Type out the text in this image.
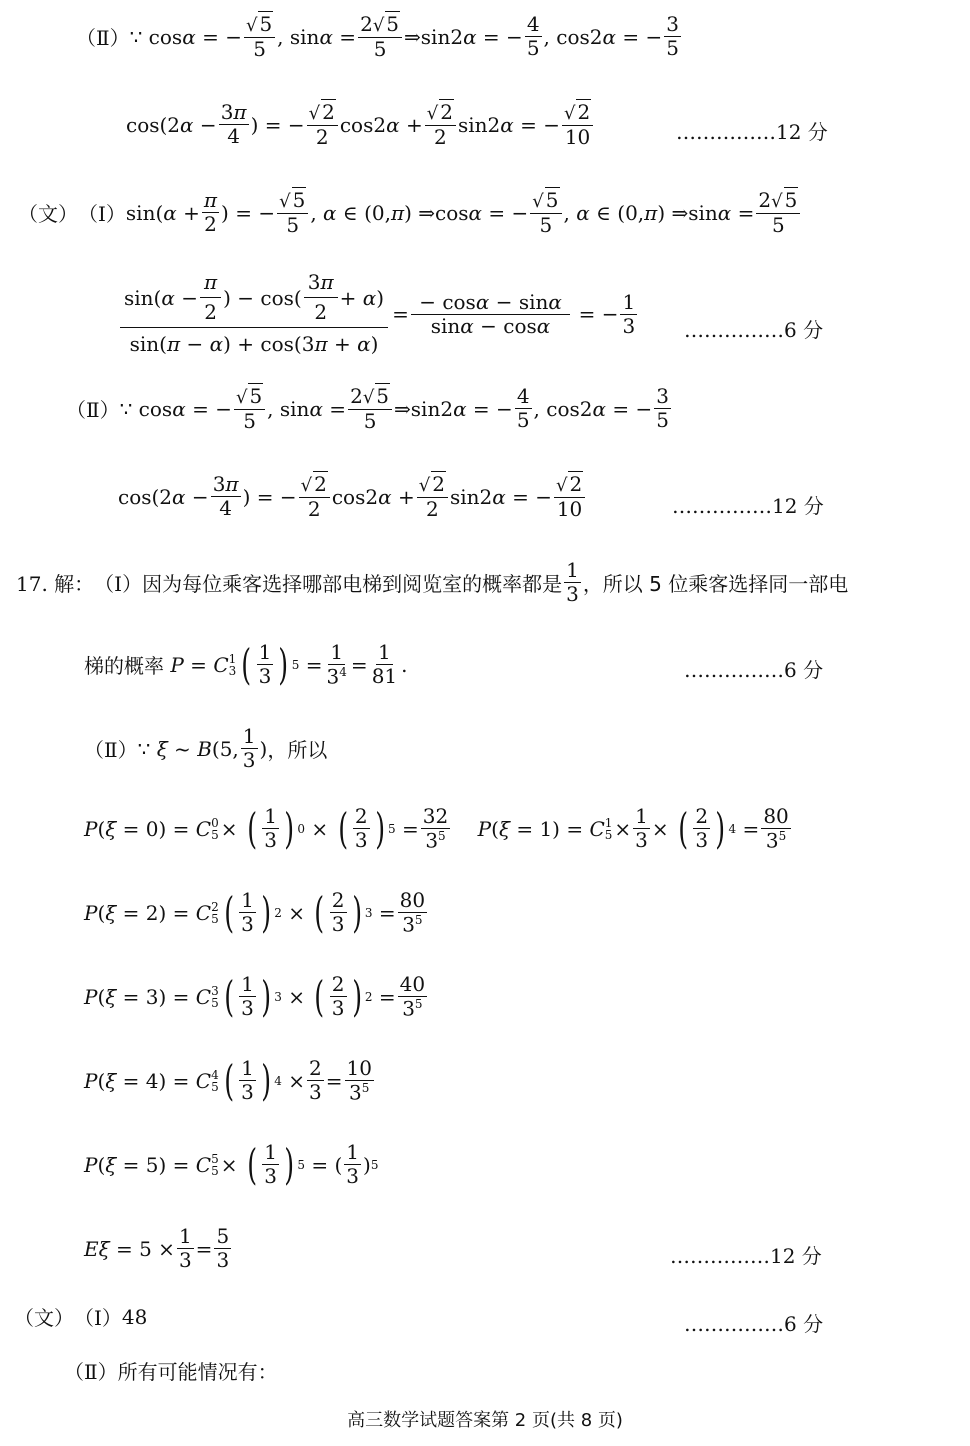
（Ⅱ） ∵ cos α = − $\frac{√ 5}{5}$ , $\sin \alpha = \frac{2√ 5}{5}$ ⇒sin2 α = − $\frac{4}{5}$ , cos2 α = − $\frac{3}{5}$
cos(2 $\alpha - \frac{3\pi}{4}$ ) = − $\frac{√ 2}{2} \cos 2$ $\alpha + \frac{√ 2}{2} \sin 2$ α = − $\frac{√ 2}{10}$	……………12 分
（文） （Ⅰ） sin( $\alpha + \frac{\pi}{2}$ ) = − $\frac{√ 5}{5}$ , α ∈ (0, π ) ⇒cos α = − $\frac{√ 5}{5}$ , α ∈ (0, π ) ⇒sin $\alpha = \frac{2√ 5}{5}$
$\frac{\sin( \alpha - \frac{\pi}{2} ) - \cos( \frac{3 \pi}{2} + \alpha )}{\sin( \pi - \alpha ) + \cos(3 \pi + \alpha )} = \frac{- \cos\alpha - \sin\alpha}{\sin\alpha - \cos\alpha}$ = − $\frac{1}{3}$ ……………6 分
（Ⅱ） ∵ cos α = − $\frac{√ 5}{5}$ , $\sin \alpha = \frac{2√ 5}{5}$ ⇒sin2 α = − $\frac{4}{5}$ , cos2 α = − $\frac{3}{5}$
cos(2 $\alpha - \frac{3\pi}{4}$ ) = − $\frac{√ 2}{2} \cos 2$ $\alpha + \frac{√ 2}{2} \sin 2$ α = − $\frac{√ 2}{10}$	……………12 分
17. 解： （Ⅰ） 因为每位乘客选择哪部电梯到阅览室的概率都是 $\frac{1}{3}$ ，所以 5 位乘客选择同一部电
梯的概率
P = C 1
3 ( $\frac{1}{3}$ ) $5 = \frac{1}{3^4} = \frac{1}{81}$ .	……………6 分
（Ⅱ） ∵
ξ ~ B (5, $\frac{1}{3}$ ) ，所以
P ( ξ = 0) = C 0
5 × ( $\frac{1}{3}$ ) 0 × ( $\frac{2}{3}$ ) $5 = \frac{32}{3^5}$
P ( ξ = 1) = C 1
$5 \times \frac{1}{3}$ × ( $\frac{2}{3}$ ) $4 = \frac{80}{3^5}$
P ( ξ = 2) = C 2
5 ( $\frac{1}{3}$ ) 2 × ( $\frac{2}{3}$ ) $3 = \frac{80}{3^5}$
P ( ξ = 3) = C 3
5 ( $\frac{1}{3}$ ) 3 × ( $\frac{2}{3}$ ) $2 = \frac{40}{3^5}$
P ( ξ = 4) = C 4
5 ( $\frac{1}{3}$ ) $4 \times \frac{2}{3} = \frac{10}{3^5}$
P ( ξ = 5) = C 5
5 × ( $\frac{1}{3}$ ) 5 = ( $\frac{1}{3}$ ) 5
$E\xi = 5 \times \frac{1}{3} = \frac{5}{3}$	……………12 分
（文） （Ⅰ） 48	……………6 分
（Ⅱ） 所有可能情况有：
高三数学试题答案第 2 页(共 8 页)
